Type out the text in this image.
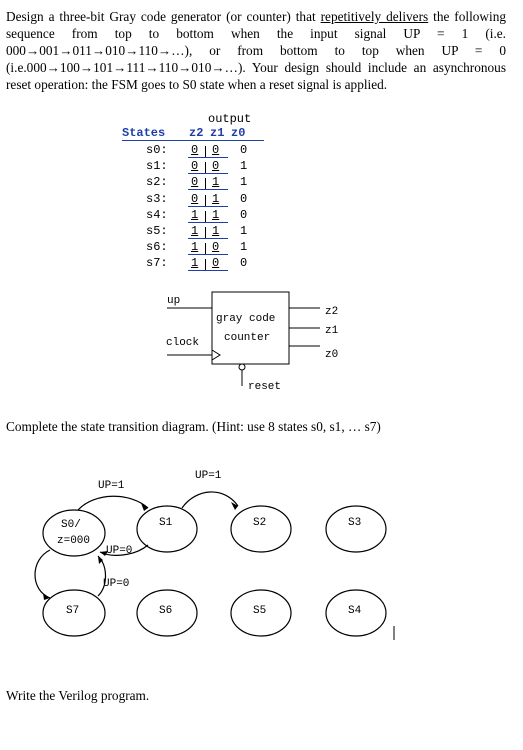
Design a three-bit Gray code generator (or counter) that repetitively delivers the following sequence from top to bottom when the input signal UP = 1 (i.e. 000→001→011→010→110→…), or from bottom to top when UP = 0 (i.e.000→100→101→111→110→010→…). Your design should include an asynchronous reset operation: the FSM goes to S0 state when a reset signal is applied.

output
States z2 z1 z0
s0: 0 0 0
s1: 0 0 1
s2: 0 1 1
s3: 0 1 0
s4: 1 1 0
s5: 1 1 1
s6: 1 0 1
s7: 1 0 0
up
clock
gray code
counter
z2
z1
z0
reset
S0/
z=000
S1	S2	S3
S7	S6	S5	S4
UP=1
UP=1
UP=0
UP=0
Complete the state transition diagram. (Hint: use 8 states s0, s1, … s7)
Write the Verilog program.
